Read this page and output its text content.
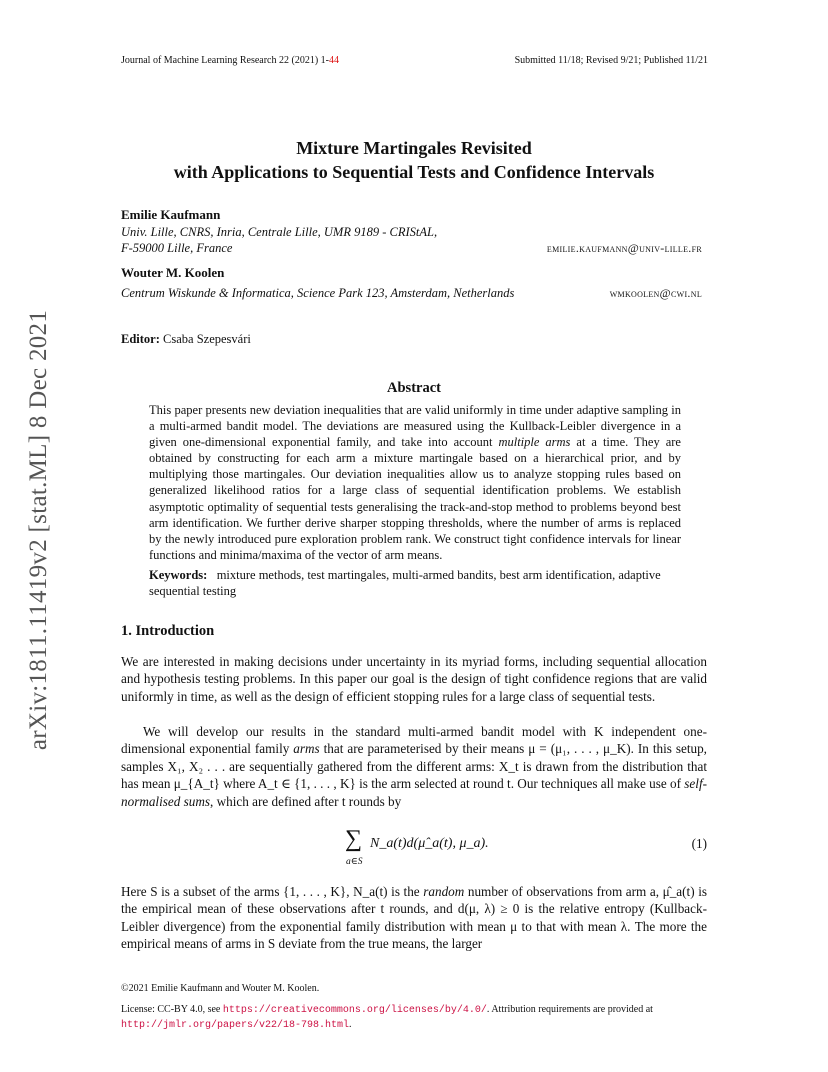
Journal of Machine Learning Research 22 (2021) 1-44	Submitted 11/18; Revised 9/21; Published 11/21
arXiv:1811.11419v2 [stat.ML] 8 Dec 2021
Mixture Martingales Revisited
with Applications to Sequential Tests and Confidence Intervals
Emilie Kaufmann
Univ. Lille, CNRS, Inria, Centrale Lille, UMR 9189 - CRIStAL,
F-59000 Lille, France	emilie.kaufmann@univ-lille.fr
Wouter M. Koolen
Centrum Wiskunde & Informatica, Science Park 123, Amsterdam, Netherlands	wmkoolen@cwi.nl
Editor: Csaba Szepesvári
Abstract
This paper presents new deviation inequalities that are valid uniformly in time under adaptive sampling in a multi-armed bandit model. The deviations are measured using the Kullback-Leibler divergence in a given one-dimensional exponential family, and take into account multiple arms at a time. They are obtained by constructing for each arm a mixture martingale based on a hierarchical prior, and by multiplying those martingales. Our deviation inequalities allow us to analyze stopping rules based on generalized likelihood ratios for a large class of sequential identification problems. We establish asymptotic optimality of sequential tests generalising the track-and-stop method to problems beyond best arm identification. We further derive sharper stopping thresholds, where the number of arms is replaced by the newly introduced pure exploration problem rank. We construct tight confidence intervals for linear functions and minima/maxima of the vector of arm means.
Keywords: mixture methods, test martingales, multi-armed bandits, best arm identification, adaptive sequential testing
1. Introduction
We are interested in making decisions under uncertainty in its myriad forms, including sequential allocation and hypothesis testing problems. In this paper our goal is the design of tight confidence regions that are valid uniformly in time, as well as the design of efficient stopping rules for a large class of sequential tests.
We will develop our results in the standard multi-armed bandit model with K independent one-dimensional exponential family arms that are parameterised by their means μ = (μ₁, . . . , μ_K). In this setup, samples X₁, X₂ . . . are sequentially gathered from the different arms: X_t is drawn from the distribution that has mean μ_{A_t} where A_t ∈ {1, . . . , K} is the arm selected at round t. Our techniques all make use of self-normalised sums, which are defined after t rounds by
∑
a∈S
N_a(t)d(μ̂_a(t), μ_a).	(1)
Here S is a subset of the arms {1, . . . , K}, N_a(t) is the random number of observations from arm a, μ̂_a(t) is the empirical mean of these observations after t rounds, and d(μ, λ) ≥ 0 is the relative entropy (Kullback-Leibler divergence) from the exponential family distribution with mean μ to that with mean λ. The more the empirical means of arms in S deviate from the true means, the larger
©2021 Emilie Kaufmann and Wouter M. Koolen.
License: CC-BY 4.0, see https://creativecommons.org/licenses/by/4.0/. Attribution requirements are provided at
http://jmlr.org/papers/v22/18-798.html.
